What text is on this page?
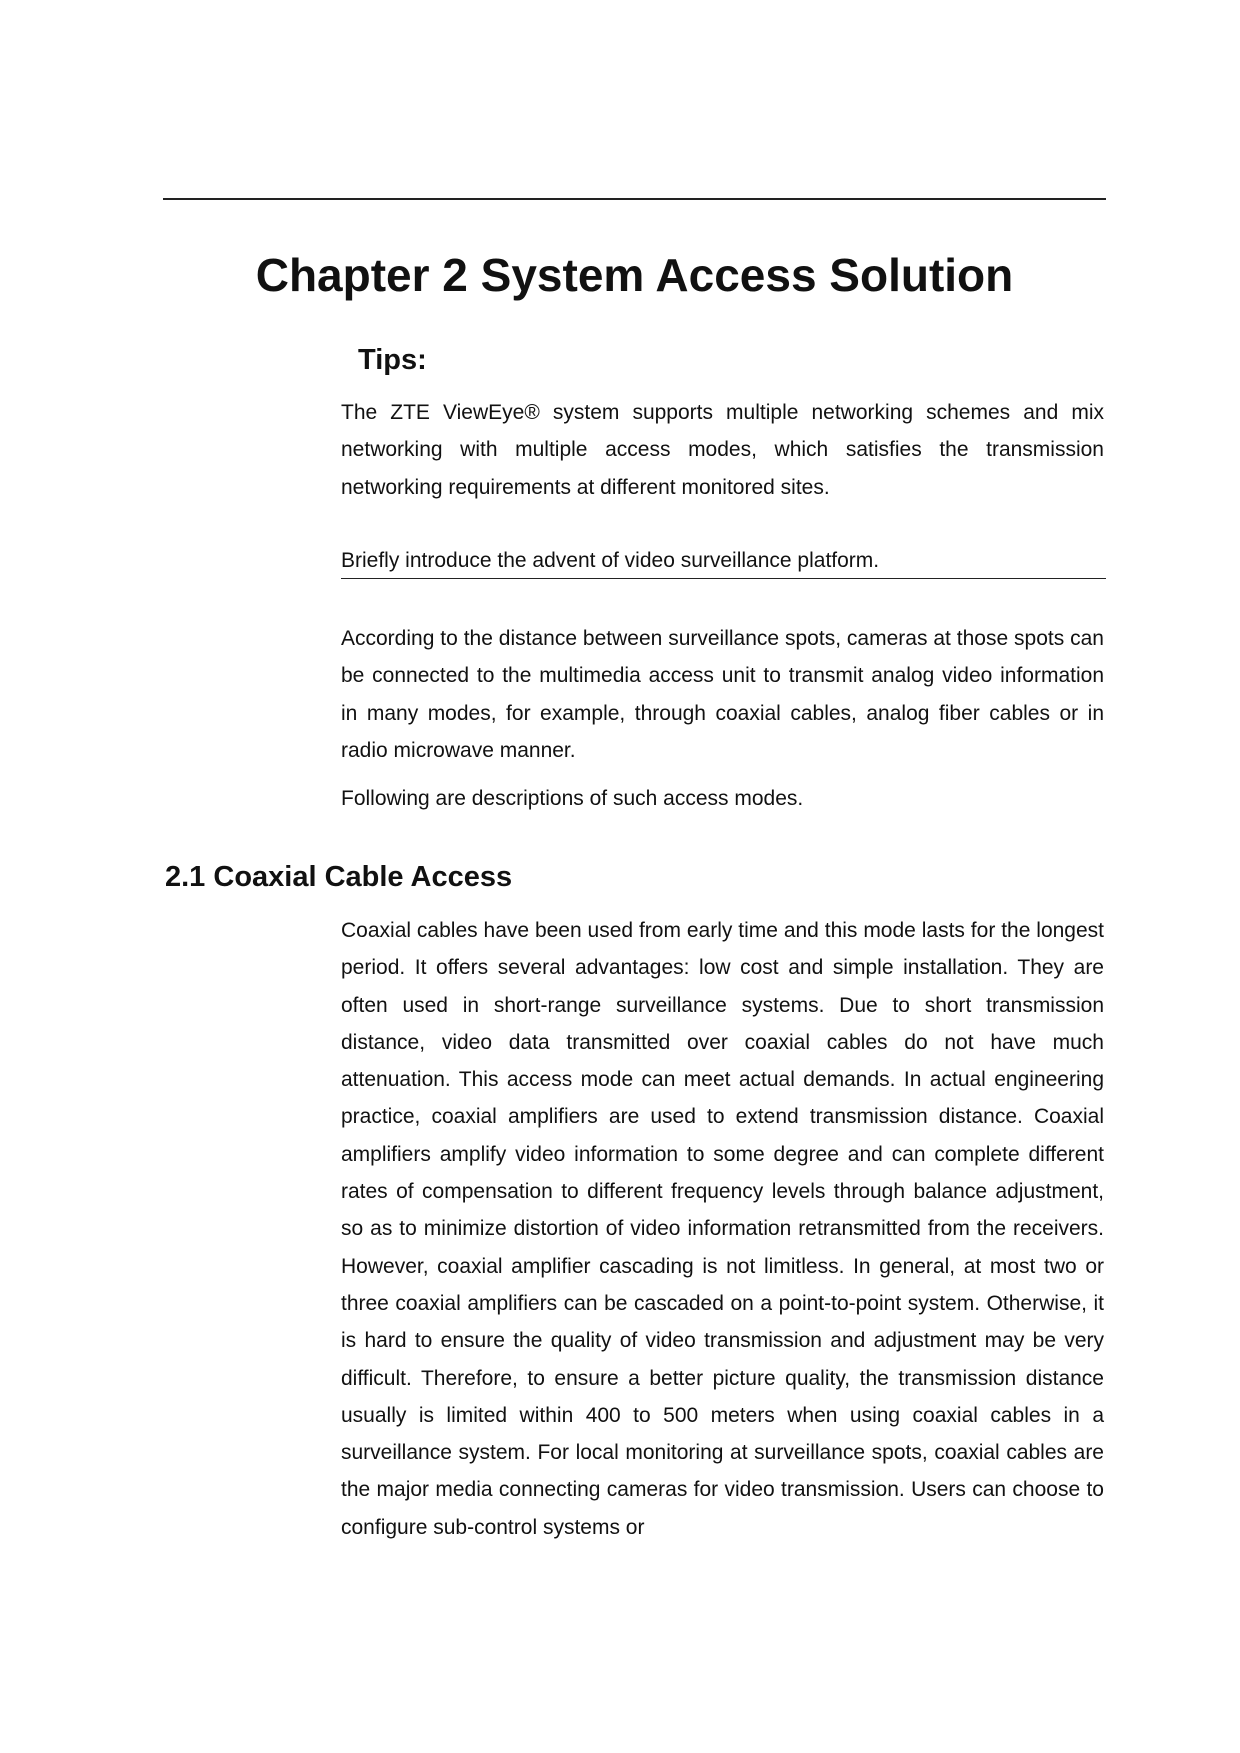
Chapter 2 System Access Solution
Tips:

The ZTE ViewEye® system supports multiple networking schemes and mix networking with multiple access modes, which satisfies the transmission networking requirements at different monitored sites.

Briefly introduce the advent of video surveillance platform.

According to the distance between surveillance spots, cameras at those spots can be connected to the multimedia access unit to transmit analog video information in many modes, for example, through coaxial cables, analog fiber cables or in radio microwave manner.

Following are descriptions of such access modes.

2.1 Coaxial Cable Access

Coaxial cables have been used from early time and this mode lasts for the longest period. It offers several advantages: low cost and simple installation. They are often used in short-range surveillance systems. Due to short transmission distance, video data transmitted over coaxial cables do not have much attenuation. This access mode can meet actual demands. In actual engineering practice, coaxial amplifiers are used to extend transmission distance. Coaxial amplifiers amplify video information to some degree and can complete different rates of compensation to different frequency levels through balance adjustment, so as to minimize distortion of video information retransmitted from the receivers. However, coaxial amplifier cascading is not limitless. In general, at most two or three coaxial amplifiers can be cascaded on a point-to-point system. Otherwise, it is hard to ensure the quality of video transmission and adjustment may be very difficult. Therefore, to ensure a better picture quality, the transmission distance usually is limited within 400 to 500 meters when using coaxial cables in a surveillance system. For local monitoring at surveillance spots, coaxial cables are the major media connecting cameras for video transmission. Users can choose to configure sub-control systems or
